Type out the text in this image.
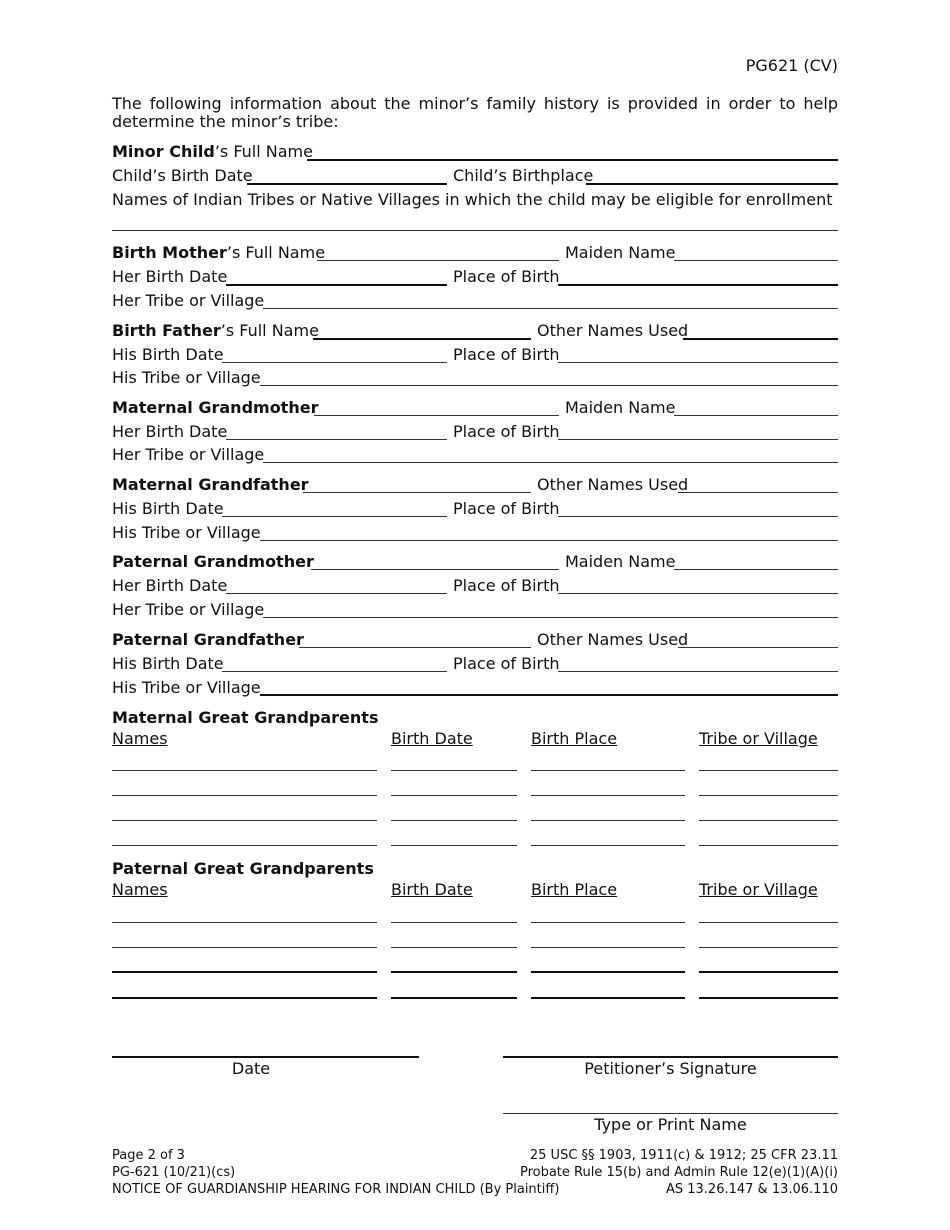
PG621 (CV)
The following information about the minor’s family history is provided in order to help determine the minor’s tribe:
Minor Child’s Full Name
Child’s Birth Date	Child’s Birthplace
Names of Indian Tribes or Native Villages in which the child may be eligible for enrollment
Birth Mother’s Full Name	Maiden Name
Her Birth Date	Place of Birth
Her Tribe or Village
Birth Father’s Full Name	Other Names Used
His Birth Date	Place of Birth
His Tribe or Village
Maternal Grandmother	Maiden Name
Her Birth Date	Place of Birth
Her Tribe or Village
Maternal Grandfather	Other Names Used
His Birth Date	Place of Birth
His Tribe or Village
Paternal Grandmother	Maiden Name
Her Birth Date	Place of Birth
Her Tribe or Village
Paternal Grandfather	Other Names Used
His Birth Date	Place of Birth
His Tribe or Village
Maternal Great Grandparents
Names	Birth Date	Birth Place	Tribe or Village
Paternal Great Grandparents
Names	Birth Date	Birth Place	Tribe or Village
Date	Petitioner’s Signature
Type or Print Name
Page 2 of 3
PG-621 (10/21)(cs)
NOTICE OF GUARDIANSHIP HEARING FOR INDIAN CHILD (By Plaintiff)
25 USC §§ 1903, 1911(c) & 1912; 25 CFR 23.11
Probate Rule 15(b) and Admin Rule 12(e)(1)(A)(i)
AS 13.26.147 & 13.06.110
